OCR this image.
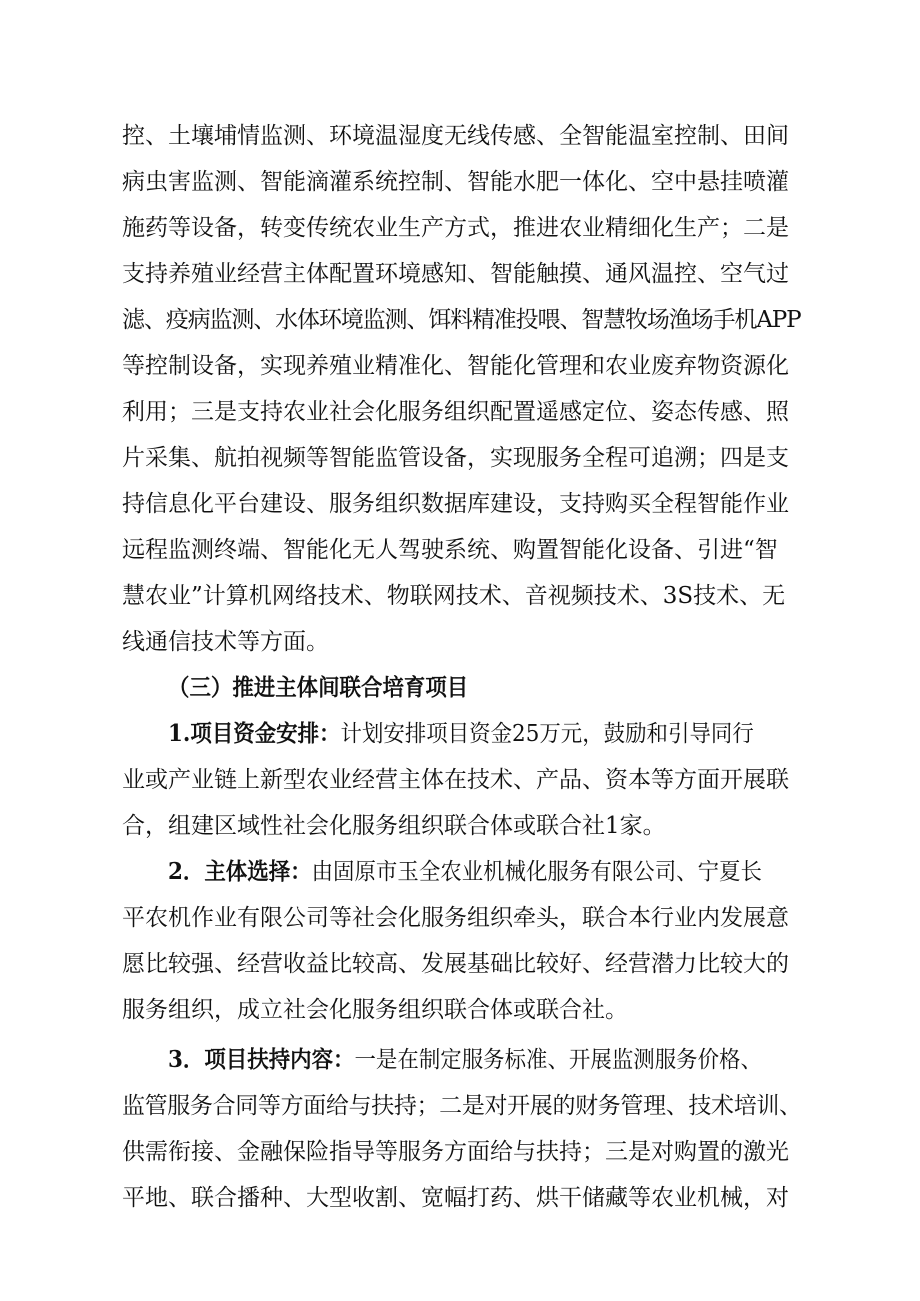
控、土壤埔情监测、环境温湿度无线传感、全智能温室控制、田间
病虫害监测、智能滴灌系统控制、智能水肥一体化、空中悬挂喷灌
施药等设备，转变传统农业生产方式，推进农业精细化生产；二是
支持养殖业经营主体配置环境感知、智能触摸、通风温控、空气过
滤、疫病监测、水体环境监测、饵料精准投喂、智慧牧场渔场手机APP
等控制设备，实现养殖业精准化、智能化管理和农业废弃物资源化
利用；三是支持农业社会化服务组织配置遥感定位、姿态传感、照
片采集、航拍视频等智能监管设备，实现服务全程可追溯；四是支
持信息化平台建设、服务组织数据库建设，支持购买全程智能作业
远程监测终端、智能化无人驾驶系统、购置智能化设备、引进“智
慧农业”计算机网络技术、物联网技术、音视频技术、3S技术、无
线通信技术等方面。
（三）推进主体间联合培育项目
1.项目资金安排：计划安排项目资金25万元，鼓励和引导同行
业或产业链上新型农业经营主体在技术、产品、资本等方面开展联
合，组建区域性社会化服务组织联合体或联合社1家。
2．主体选择：由固原市玉全农业机械化服务有限公司、宁夏长
平农机作业有限公司等社会化服务组织牵头，联合本行业内发展意
愿比较强、经营收益比较高、发展基础比较好、经营潜力比较大的
服务组织，成立社会化服务组织联合体或联合社。
3．项目扶持内容：一是在制定服务标准、开展监测服务价格、
监管服务合同等方面给与扶持；二是对开展的财务管理、技术培训、
供需衔接、金融保险指导等服务方面给与扶持；三是对购置的激光
平地、联合播种、大型收割、宽幅打药、烘干储藏等农业机械，对
